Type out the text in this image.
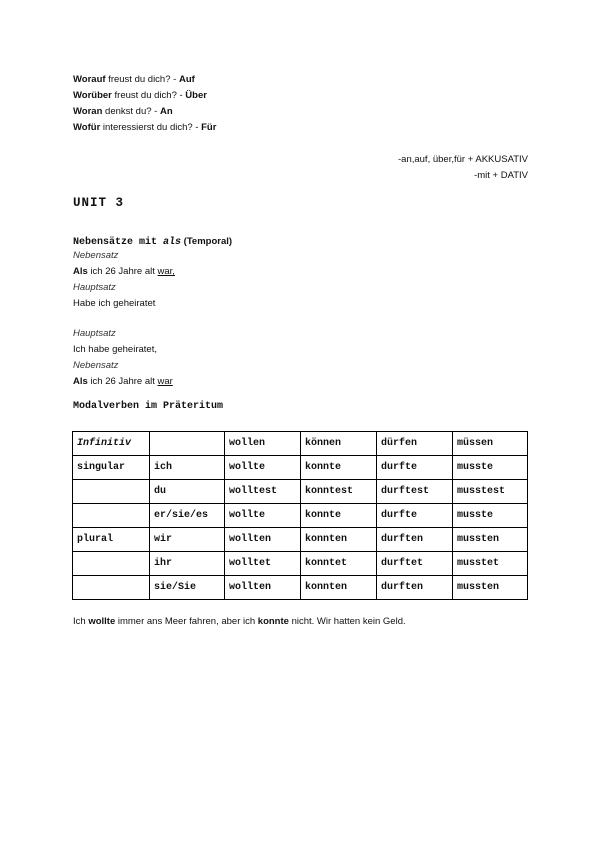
Worauf freust du dich? - Auf
Worüber freust du dich? - Über
Woran denkst du? - An
Wofür interessierst du dich? - Für
-an,auf, über,für + AKKUSATIV
-mit + DATIV
UNIT 3
Nebensätze mit als (Temporal)
Nebensatz
Als ich 26 Jahre alt war,
Hauptsatz
Habe ich geheiratet
Hauptsatz
Ich habe geheiratet,
Nebensatz
Als ich 26 Jahre alt war
Modalverben im Präteritum
Infinitiv		wollen	können	dürfen	müssen
singular	ich	wollte	konnte	durfte	musste
	du	wolltest	konntest	durftest	musstest
	er/sie/es	wollte	konnte	durfte	musste
plural	wir	wollten	konnten	durften	mussten
	ihr	wolltet	konntet	durftet	musstet
	sie/Sie	wollten	konnten	durften	mussten
Ich wollte immer ans Meer fahren, aber ich konnte nicht. Wir hatten kein Geld.
